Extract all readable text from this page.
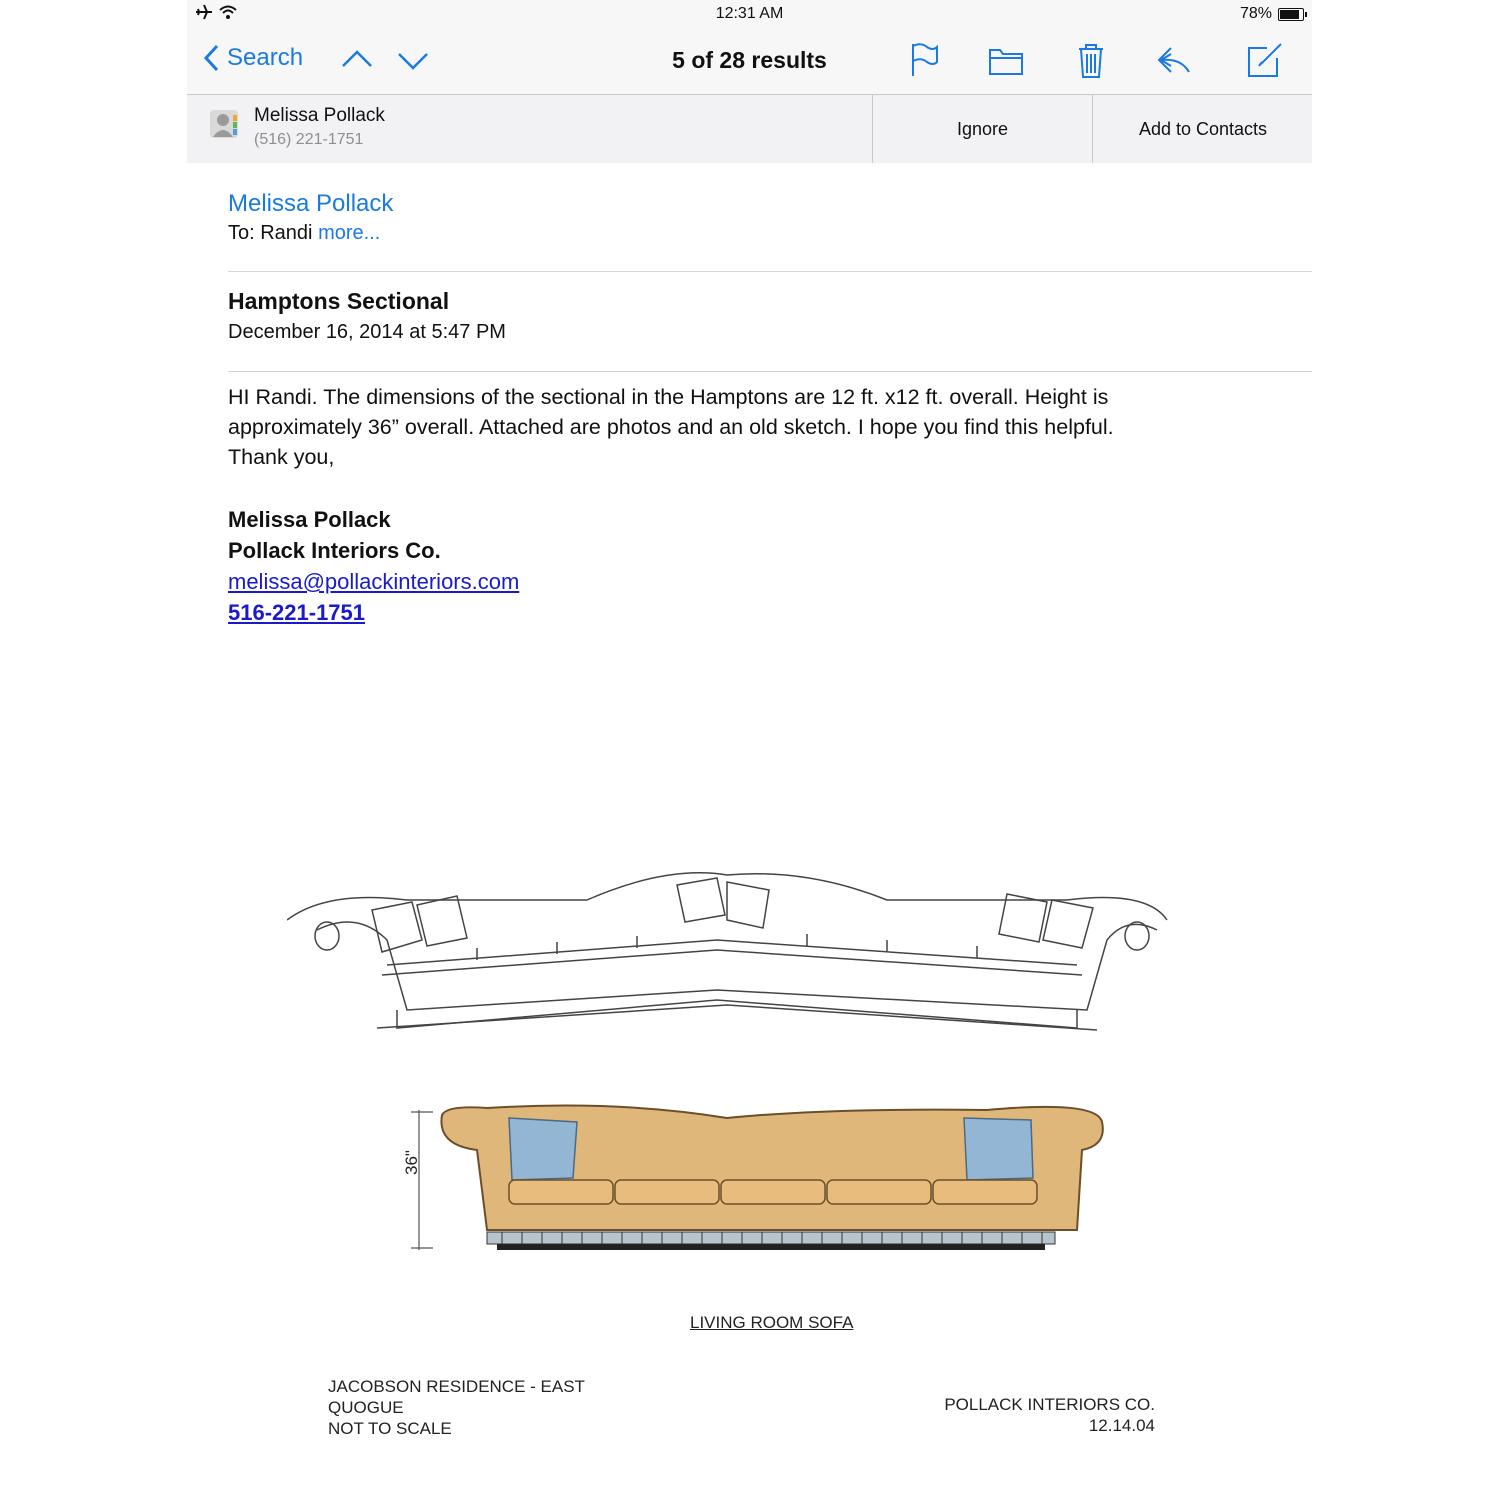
12:31 AM	78%
Search	5 of 28 results
Melissa Pollack
(516) 221-1751
Ignore	Add to Contacts
Melissa Pollack
To: Randi more...
Hamptons Sectional
December 16, 2014 at 5:47 PM
HI Randi. The dimensions of the sectional in the Hamptons are 12 ft. x12 ft. overall. Height is
approximately 36” overall. Attached are photos and an old sketch. I hope you find this helpful.
Thank you,
Melissa Pollack
Pollack Interiors Co.
melissa@pollackinteriors.com
516-221-1751
36"
LIVING ROOM SOFA
JACOBSON RESIDENCE - EAST
QUOGUE
NOT TO SCALE
POLLACK INTERIORS CO.
12.14.04
